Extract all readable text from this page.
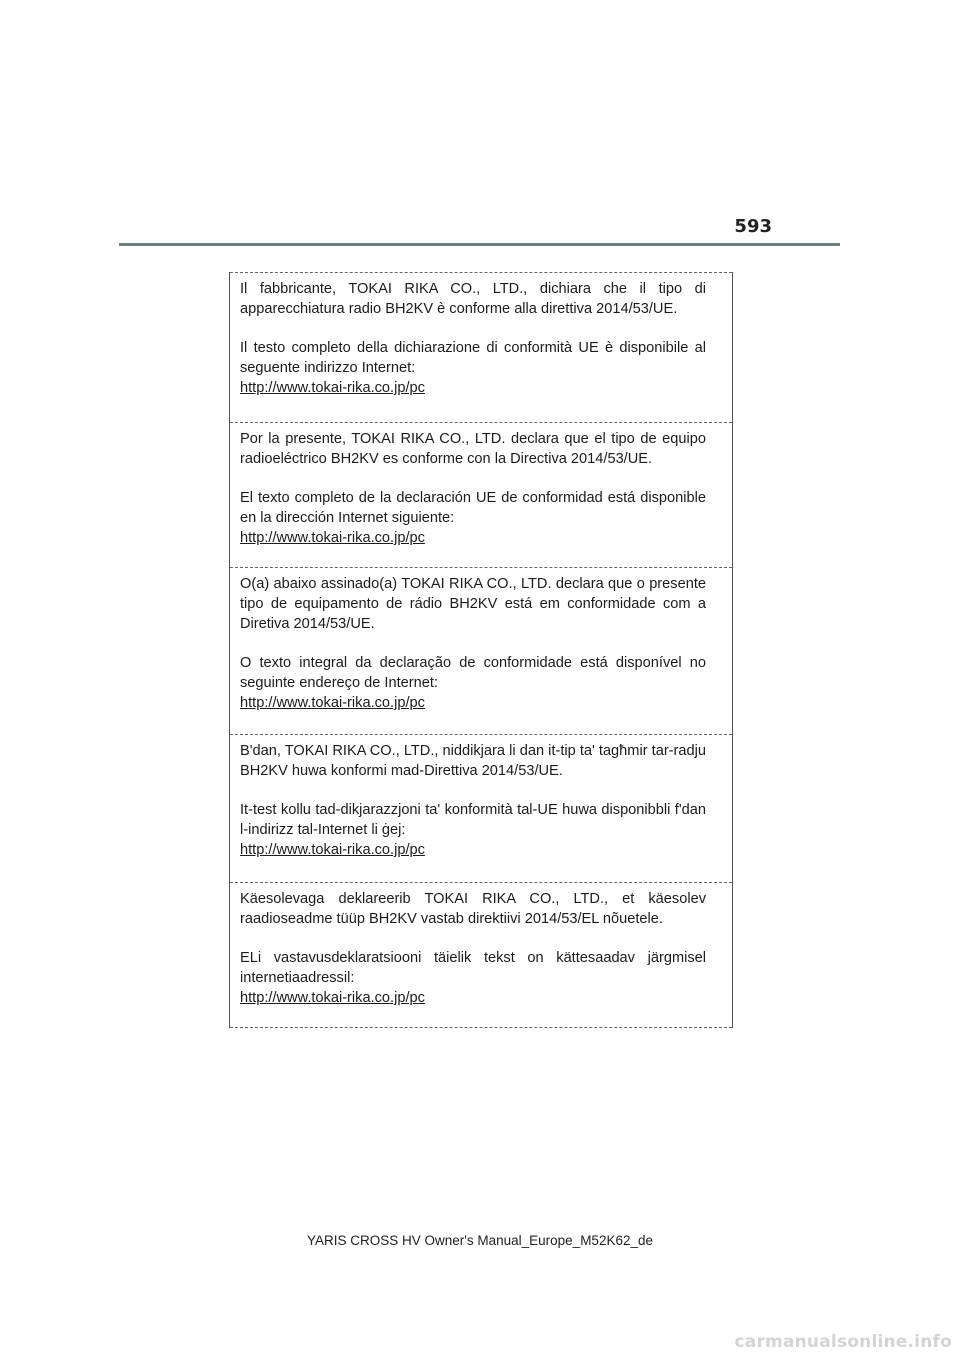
593

Il fabbricante, TOKAI RIKA CO., LTD., dichiara che il tipo di apparecchiatura radio BH2KV è conforme alla direttiva 2014/53/UE.

Il testo completo della dichiarazione di conformità UE è disponibile al seguente indirizzo Internet:

http://www.tokai-rika.co.jp/pc

Por la presente, TOKAI RIKA CO., LTD. declara que el tipo de equipo radioeléctrico BH2KV es conforme con la Directiva 2014/53/UE.

El texto completo de la declaración UE de conformidad está disponible en la dirección Internet siguiente:

http://www.tokai-rika.co.jp/pc

O(a) abaixo assinado(a) TOKAI RIKA CO., LTD. declara que o presente tipo de equipamento de rádio BH2KV está em conformidade com a Diretiva 2014/53/UE.

O texto integral da declaração de conformidade está disponível no seguinte endereço de Internet:

http://www.tokai-rika.co.jp/pc

B'dan, TOKAI RIKA CO., LTD., niddikjara li dan it-tip ta' tagħmir tar-radju BH2KV huwa konformi mad-Direttiva 2014/53/UE.

It-test kollu tad-dikjarazzjoni ta' konformità tal-UE huwa disponibbli f'dan l-indirizz tal-Internet li ġej:

http://www.tokai-rika.co.jp/pc

Käesolevaga deklareerib TOKAI RIKA CO., LTD., et käesolev raadioseadme tüüp BH2KV vastab direktiivi 2014/53/EL nõuetele.

ELi vastavusdeklaratsiooni täielik tekst on kättesaadav järgmisel internetiaadressil:

http://www.tokai-rika.co.jp/pc
YARIS CROSS HV Owner's Manual_Europe_M52K62_de
carmanualsonline.info
